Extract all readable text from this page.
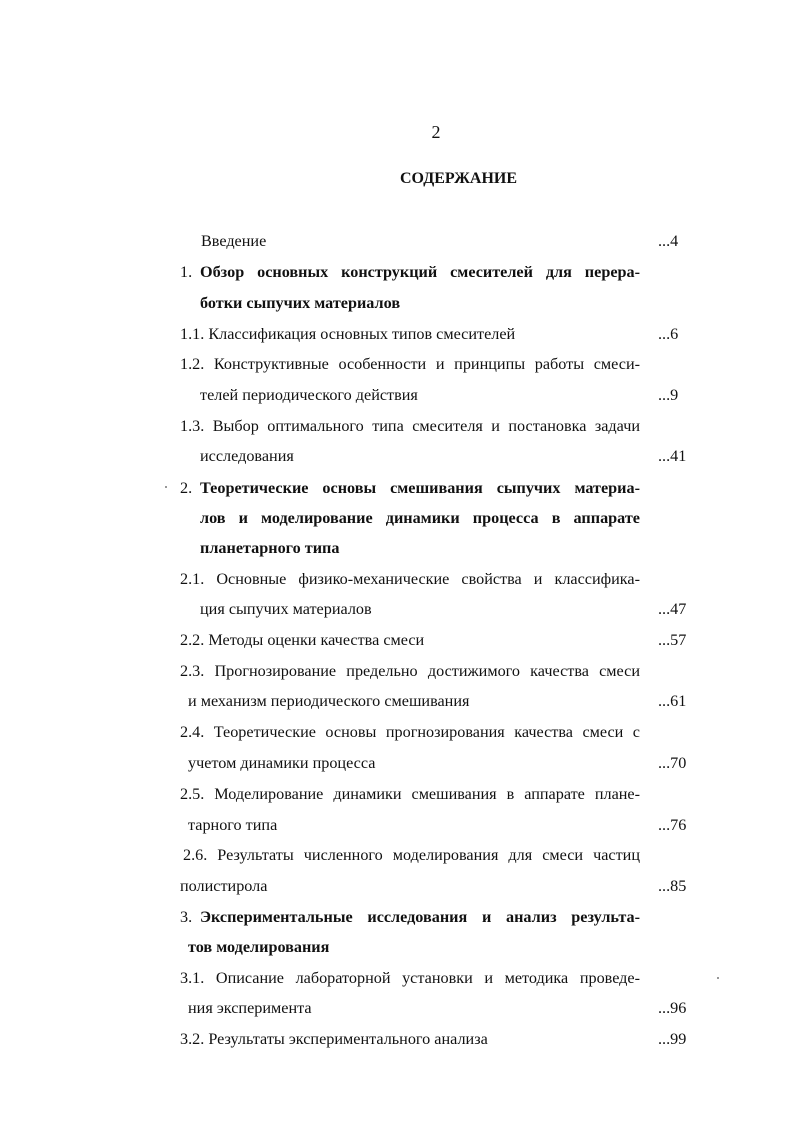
2
СОДЕРЖАНИЕ
Введение	...4
1. Обзор основных конструкций смесителей для перера-
ботки сыпучих материалов
1.1. Классификация основных типов смесителей	...6
1.2. Конструктивные особенности и принципы работы смеси-
телей периодического действия	...9
1.3. Выбор оптимального типа смесителя и постановка задачи
исследования	...41
2. Теоретические основы смешивания сыпучих материа-
лов и моделирование динамики процесса в аппарате
планетарного типа
2.1. Основные физико-механические свойства и классифика-
ция сыпучих материалов	...47
2.2. Методы оценки качества смеси	...57
2.3. Прогнозирование предельно достижимого качества смеси
и механизм периодического смешивания	...61
2.4. Теоретические основы прогнозирования качества смеси с
учетом динамики процесса	...70
2.5. Моделирование динамики смешивания в аппарате плане-
тарного типа	...76
2.6. Результаты численного моделирования для смеси частиц
полистирола	...85
3. Экспериментальные исследования и анализ результа-
тов моделирования
3.1. Описание лабораторной установки и методика проведе-
ния эксперимента	...96
3.2. Результаты экспериментального анализа	...99
